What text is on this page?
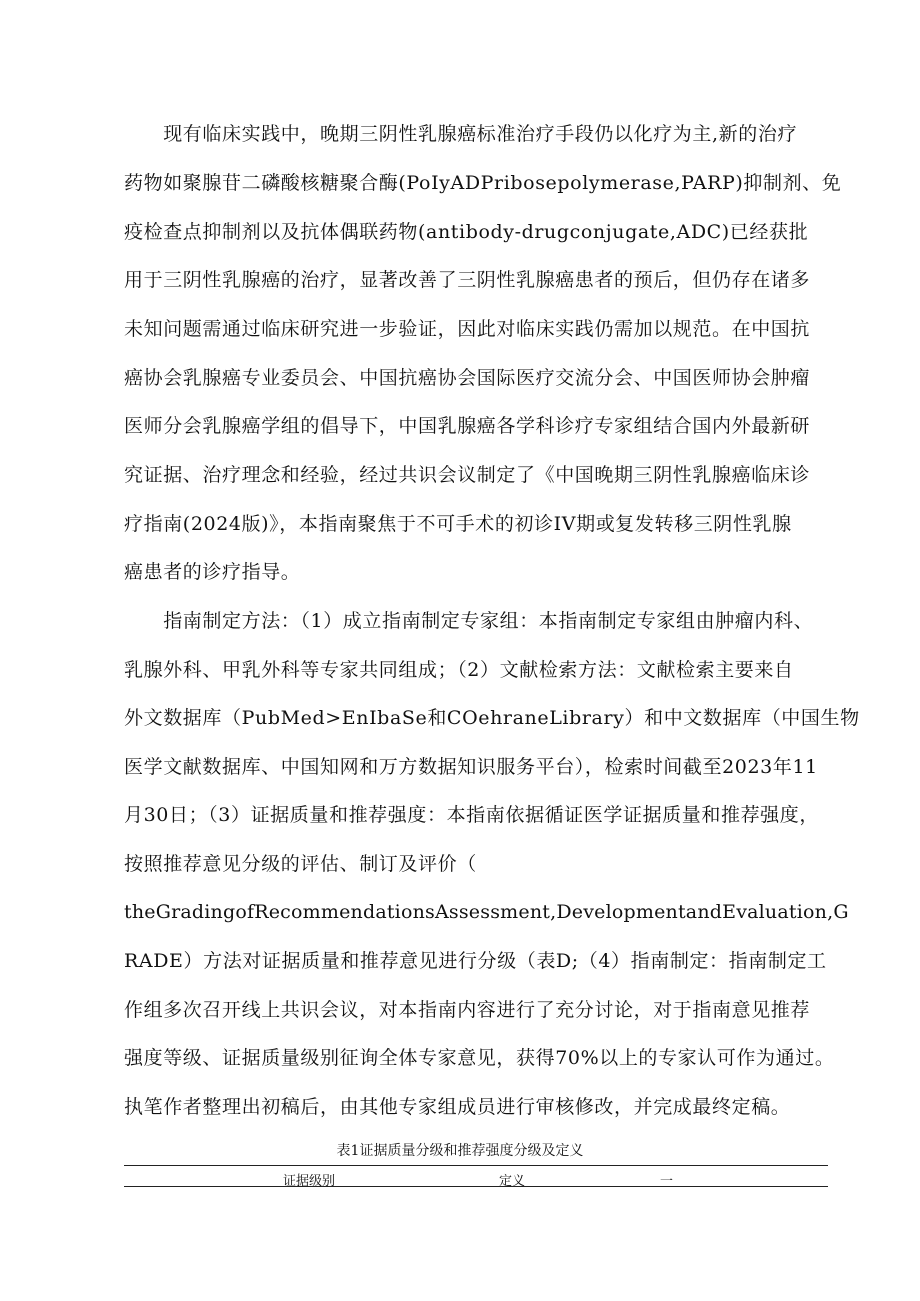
　　现有临床实践中，晚期三阴性乳腺癌标准治疗手段仍以化疗为主,新的治疗
药物如聚腺苷二磷酸核糖聚合酶(PoIyADPribosepolymerase,PARP)抑制剂、免
疫检查点抑制剂以及抗体偶联药物(antibody-drugconjugate,ADC)已经获批
用于三阴性乳腺癌的治疗，显著改善了三阴性乳腺癌患者的预后，但仍存在诸多
未知问题需通过临床研究进一步验证，因此对临床实践仍需加以规范。在中国抗
癌协会乳腺癌专业委员会、中国抗癌协会国际医疗交流分会、中国医师协会肿瘤
医师分会乳腺癌学组的倡导下，中国乳腺癌各学科诊疗专家组结合国内外最新研
究证据、治疗理念和经验，经过共识会议制定了《中国晚期三阴性乳腺癌临床诊
疗指南(2024版)》，本指南聚焦于不可手术的初诊IV期或复发转移三阴性乳腺
癌患者的诊疗指导。
　　指南制定方法：（1）成立指南制定专家组：本指南制定专家组由肿瘤内科、
乳腺外科、甲乳外科等专家共同组成；（2）文献检索方法：文献检索主要来自
外文数据库（PubMed>EnIbaSe和COehraneLibrary）和中文数据库（中国生物
医学文献数据库、中国知网和万方数据知识服务平台），检索时间截至2023年11
月30日；（3）证据质量和推荐强度：本指南依据循证医学证据质量和推荐强度，
按照推荐意见分级的评估、制订及评价（
theGradingofRecommendationsAssessment,DevelopmentandEvaluation,G
RADE）方法对证据质量和推荐意见进行分级（表D;（4）指南制定：指南制定工
作组多次召开线上共识会议，对本指南内容进行了充分讨论，对于指南意见推荐
强度等级、证据质量级别征询全体专家意见，获得70%以上的专家认可作为通过。
执笔作者整理出初稿后，由其他专家组成员进行审核修改，并完成最终定稿。
表1证据质量分级和推荐强度分级及定义
证据级别	定义	一
